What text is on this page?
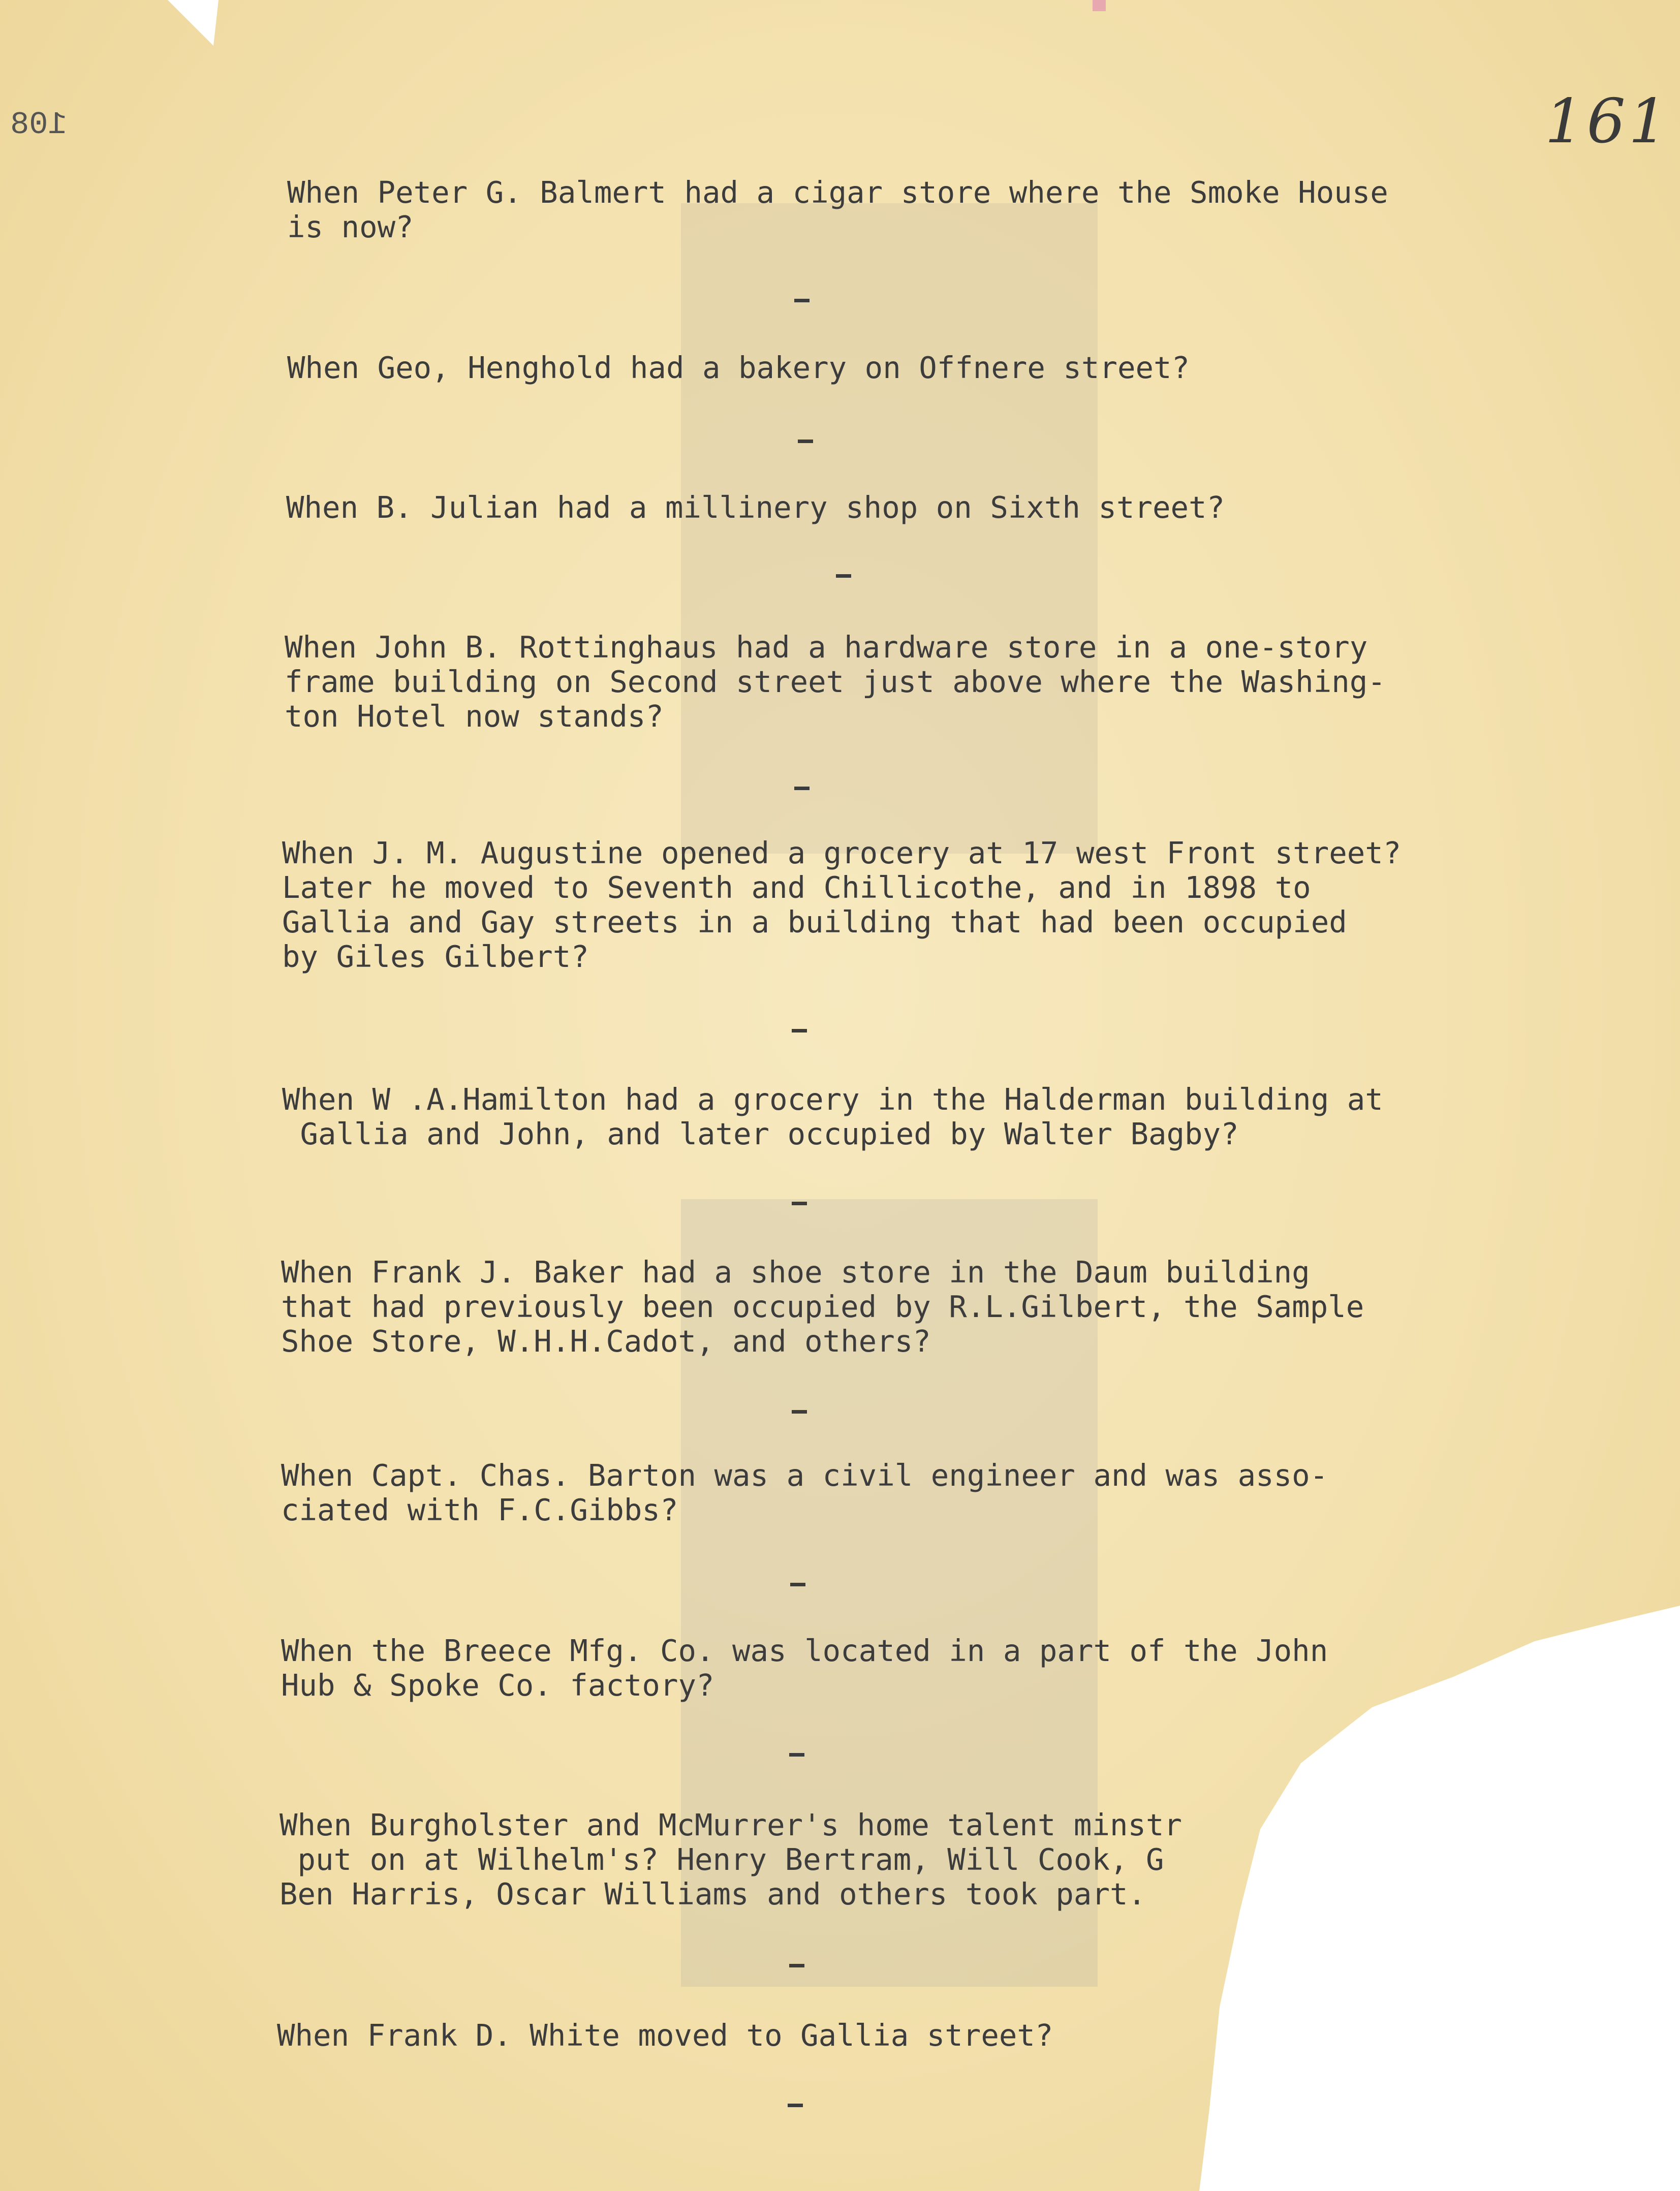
108	161

When Peter G. Balmert had a cigar store where the Smoke House
is now?

When Geo, Henghold had a bakery on Offnere street?

When B. Julian had a millinery shop on Sixth street?

When John B. Rottinghaus had a hardware store in a one-story
frame building on Second street just above where the Washing-
ton Hotel now stands?

When J. M. Augustine opened a grocery at 17 west Front street?
Later he moved to Seventh and Chillicothe, and in 1898 to
Gallia and Gay streets in a building that had been occupied
by Giles Gilbert?

When W .A.Hamilton had a grocery in the Halderman building at
Gallia and John, and later occupied by Walter Bagby?

When Frank J. Baker had a shoe store in the Daum building
that had previously been occupied by R.L.Gilbert, the Sample
Shoe Store, W.H.H.Cadot, and others?

When Capt. Chas. Barton was a civil engineer and was asso-
ciated with F.C.Gibbs?

When the Breece Mfg. Co. was located in a part of the John
Hub & Spoke Co. factory?

When Burgholster and McMurrer's home talent minstr
put on at Wilhelm's? Henry Bertram, Will Cook, G
Ben Harris, Oscar Williams and others took part.

When Frank D. White moved to Gallia street?
